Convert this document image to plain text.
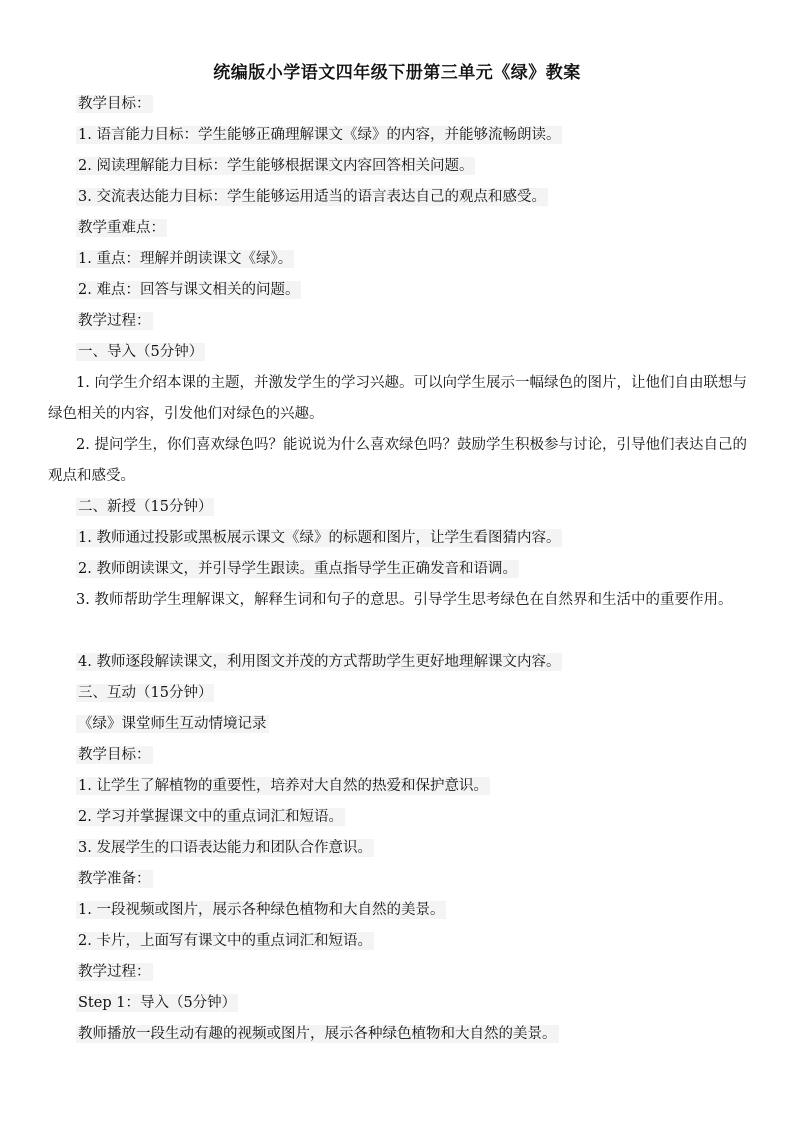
统编版小学语文四年级下册第三单元《绿》教案
教学目标：
1. 语言能力目标：学生能够正确理解课文《绿》的内容，并能够流畅朗读。
2. 阅读理解能力目标：学生能够根据课文内容回答相关问题。
3. 交流表达能力目标：学生能够运用适当的语言表达自己的观点和感受。
教学重难点：
1. 重点：理解并朗读课文《绿》。
2. 难点：回答与课文相关的问题。
教学过程：
一、导入（5分钟）
1. 向学生介绍本课的主题，并激发学生的学习兴趣。可以向学生展示一幅绿色的图片，让他们自由联想与绿色相关的内容，引发他们对绿色的兴趣。
2. 提问学生，你们喜欢绿色吗？能说说为什么喜欢绿色吗？鼓励学生积极参与讨论，引导他们表达自己的观点和感受。
二、新授（15分钟）
1. 教师通过投影或黑板展示课文《绿》的标题和图片，让学生看图猜内容。
2. 教师朗读课文，并引导学生跟读。重点指导学生正确发音和语调。
3. 教师帮助学生理解课文，解释生词和句子的意思。引导学生思考绿色在自然界和生活中的重要作用。
4. 教师逐段解读课文，利用图文并茂的方式帮助学生更好地理解课文内容。
三、互动（15分钟）
《绿》课堂师生互动情境记录
教学目标：
1. 让学生了解植物的重要性，培养对大自然的热爱和保护意识。
2. 学习并掌握课文中的重点词汇和短语。
3. 发展学生的口语表达能力和团队合作意识。
教学准备：
1. 一段视频或图片，展示各种绿色植物和大自然的美景。
2. 卡片，上面写有课文中的重点词汇和短语。
教学过程：
Step 1：导入（5分钟）
教师播放一段生动有趣的视频或图片，展示各种绿色植物和大自然的美景。
